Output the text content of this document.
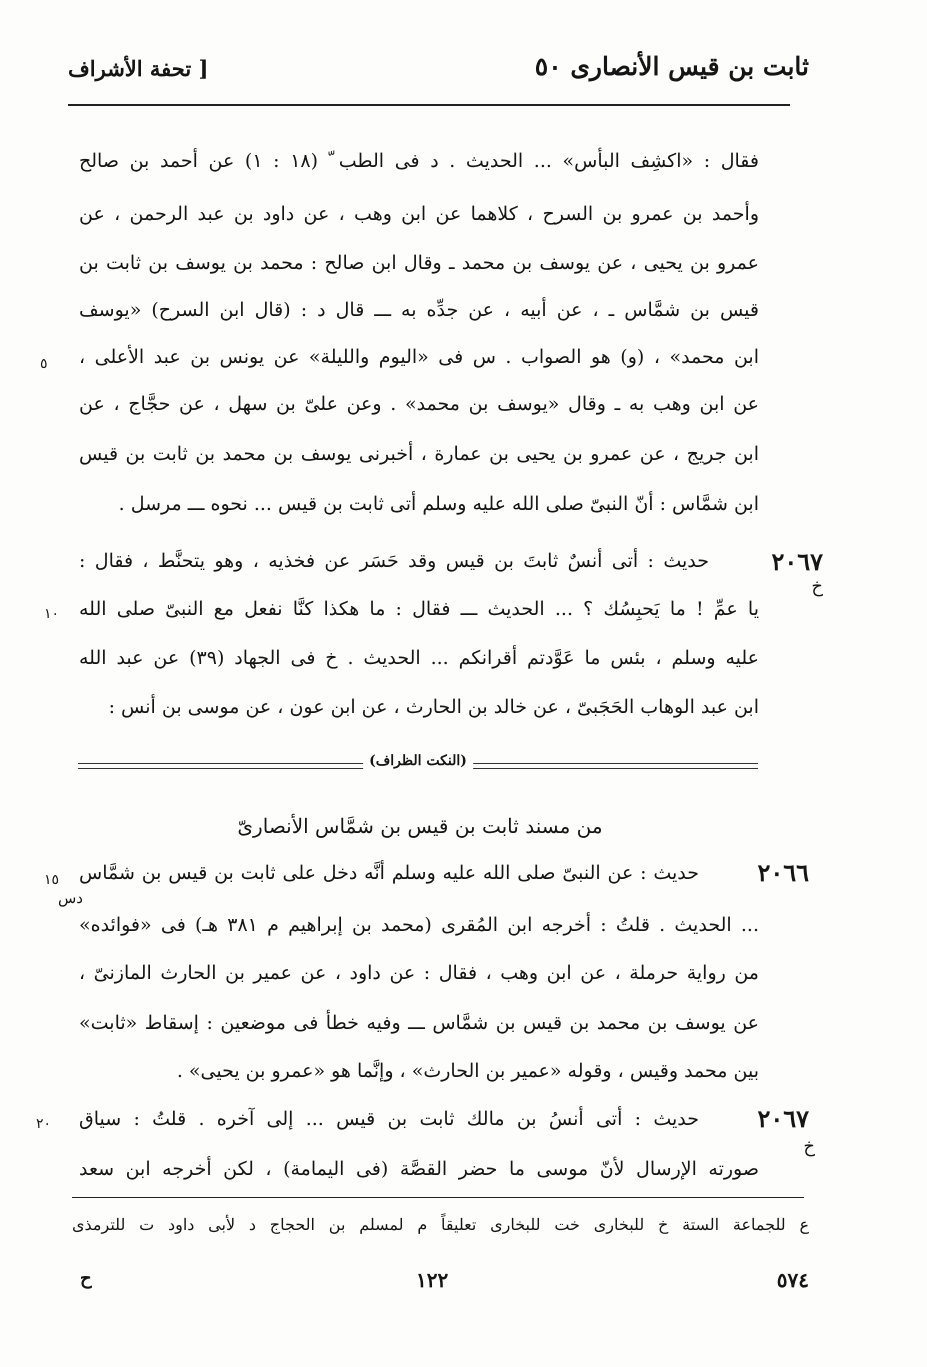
ثابت بن قيس الأنصارى ٥٠
[ تحفة الأشراف
فقال : «اكشِف البأس» ... الحديث . د فى الطب ّ (١٨ : ١) عن أحمد بن صالح
وأحمد بن عمرو بن السرح ، كلاهما عن ابن وهب ، عن داود بن عبد الرحمن ، عن
عمرو بن يحيى ، عن يوسف بن محمد ـ وقال ابن صالح : محمد بن يوسف بن ثابت بن
قيس بن شمَّاس ـ ، عن أبيه ، عن جدِّه به ـــ قال د : (قال ابن السرح) «يوسف
ابن محمد» ، (و) هو الصواب . س فى «اليوم والليلة» عن يونس بن عبد الأعلى ،
عن ابن وهب به ـ وقال «يوسف بن محمد» . وعن علىّ بن سهل ، عن حجَّاج ، عن
ابن جريج ، عن عمرو بن يحيى بن عمارة ، أخبرنى يوسف بن محمد بن ثابت بن قيس
ابن شمَّاس : أنّ النبىّ صلى الله عليه وسلم أتى ثابت بن قيس ... نحوه ـــ مرسل .
٥
٢٠٦٧
خ
حديث : أتى أنسٌ ثابتَ بن قيس وقد حَسَر عن فخذيه ، وهو يتحنَّط ، فقال :
يا عمِّ ! ما يَحبِسُك ؟ ... الحديث ـــ فقال : ما هكذا كنَّا نفعل مع النبىّ صلى الله
عليه وسلم ، بئس ما عَوَّدتم أقرانكم ... الحديث . خ فى الجهاد (٣٩) عن عبد الله
ابن عبد الوهاب الحَجَبىّ ، عن خالد بن الحارث ، عن ابن عون ، عن موسى بن أنس :
١٠
(النكت الظراف)
من مسند ثابت بن قيس بن شمَّاس الأنصارىّ
٢٠٦٦
دس
حديث : عن النبىّ صلى الله عليه وسلم أنَّه دخل على ثابت بن قيس بن شمَّاس
... الحديث . قلتُ : أخرجه ابن المُقرى (محمد بن إبراهيم م ٣٨١ هـ) فى «فوائده»
من رواية حرملة ، عن ابن وهب ، فقال : عن داود ، عن عمير بن الحارث المازنىّ ،
عن يوسف بن محمد بن قيس بن شمَّاس ـــ وفيه خطأ فى موضعين : إسقاط «ثابت»
بين محمد وقيس ، وقوله «عمير بن الحارث» ، وإنَّما هو «عمرو بن يحيى» .
١٥
٢٠٦٧
خ
حديث : أتى أنسُ بن مالك ثابت بن قيس ... إلى آخره . قلتُ : سياق
صورته الإرسال لأنّ موسى ما حضر القصَّة (فى اليمامة) ، لكن أخرجه ابن سعد
٢٠
ع للجماعة الستة خ للبخارى خت للبخارى تعليقاً م لمسلم بن الحجاج د لأبى داود ت للترمذى
٥٧٤
١٢٢
ح
